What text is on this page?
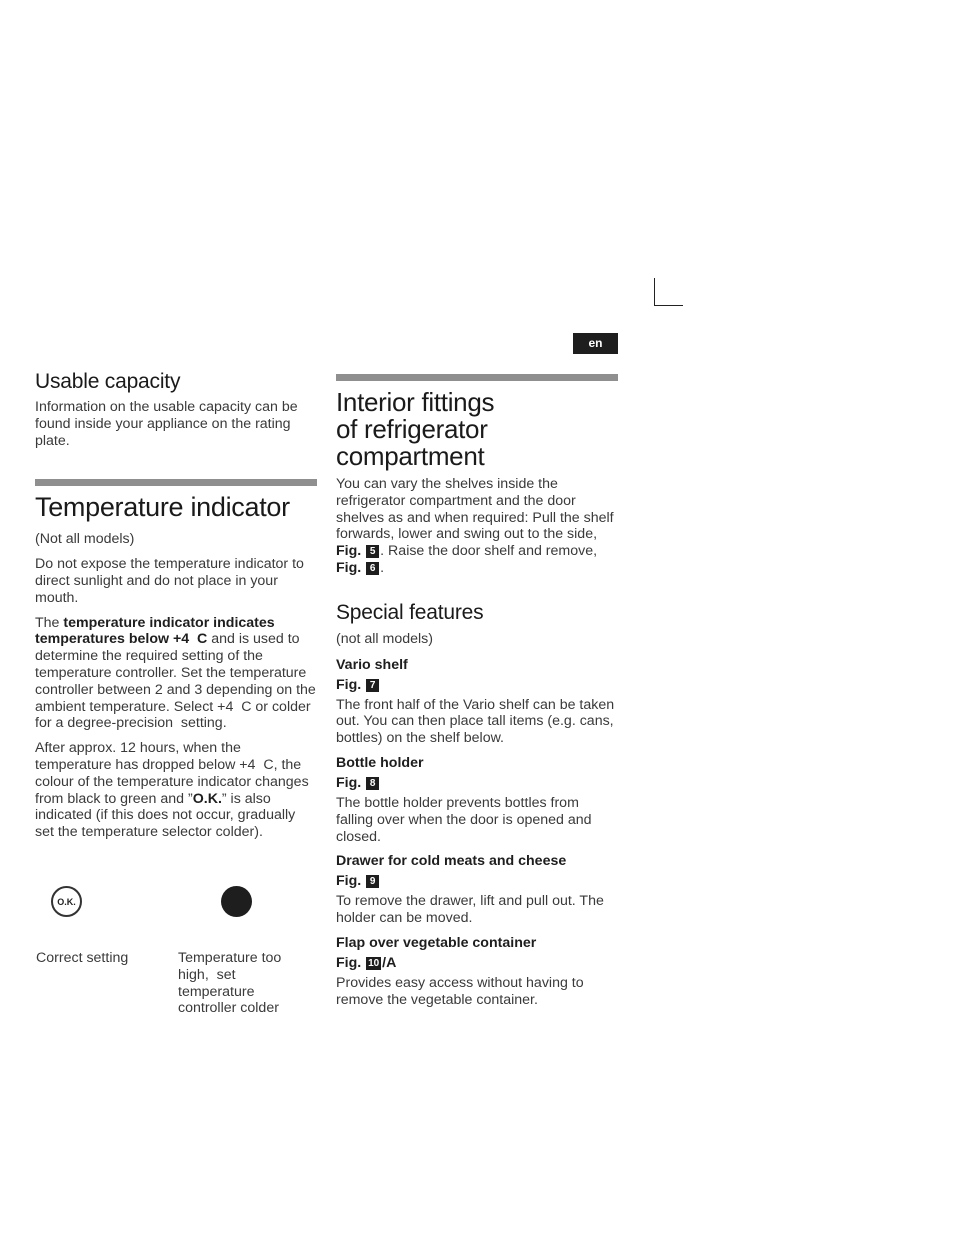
en
Usable capacity

Information on the usable capacity can be found inside your appliance on the rating plate.

Temperature indicator

(Not all models)

Do not expose the temperature indicator to direct sunlight and do not place in your mouth.

The temperature indicator indicates temperatures below +4  C and is used to determine the required setting of the temperature controller. Set the temperature controller between 2 and 3 depending on the ambient temperature. Select +4  C or colder for a degree-precision  setting.

After approx. 12 hours, when the temperature has dropped below +4  C, the colour of the temperature indicator changes from black to green and ”O.K.” is also indicated (if this does not occur, gradually set the temperature selector colder).

O.K.
Correct setting	Temperature too high,  set temperature controller colder
Interior fittings
of refrigerator
compartment

You can vary the shelves inside the refrigerator compartment and the door shelves as and when required: Pull the shelf forwards, lower and swing out to the side, Fig. 5 . Raise the door shelf and remove, Fig. 6 .

Special features

(not all models)

Vario shelf
Fig. 7

The front half of the Vario shelf can be taken out. You can then place tall items (e.g. cans, bottles) on the shelf below.

Bottle holder
Fig. 8

The bottle holder prevents bottles from falling over when the door is opened and closed.

Drawer for cold meats and cheese
Fig. 9

To remove the drawer, lift and pull out. The holder can be moved.

Flap over vegetable container
Fig. 10 /A

Provides easy access without having to remove the vegetable container.
